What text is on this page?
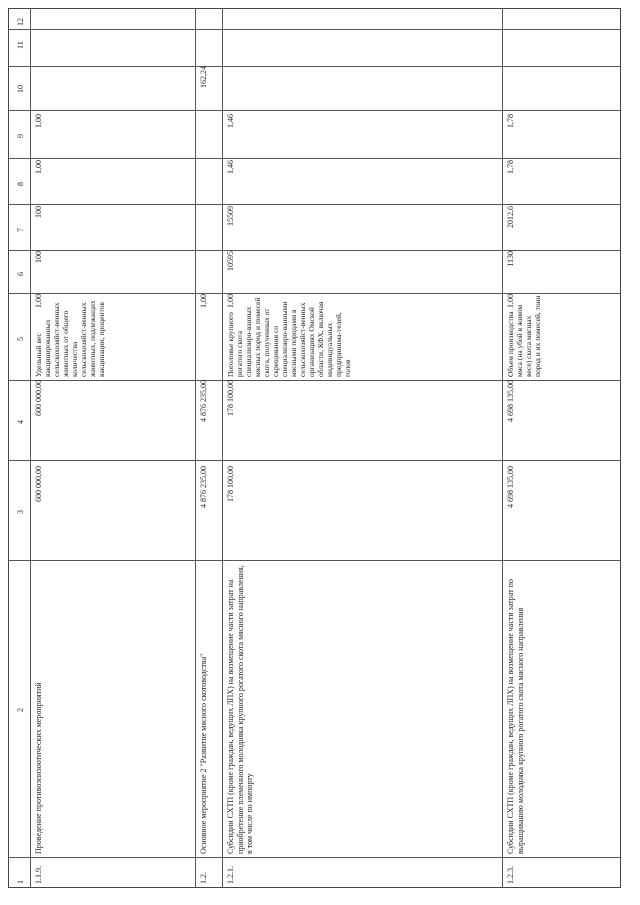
1
2
3
4
5
6
7
8
9
10
11
12
1.1.9.
Проведение противоэпизоотических мероприятий
600 000,00
600 000,00
1,00
Удельный вес вакцинированных сельскохозяйст-венных животных от общего количества сельскохозяйст-венных животных, подлежащих вакцинации, процентов
100
100
1,00
1,00
1.2.
Основное мероприятие 2 "Развитие мясного скотоводства"
4 876 235,00
4 876 235,00
1,00
162,24
1.2.1.
Субсидии СХТП (кроме граждан, ведущих ЛПХ) на возмещение части затрат на приобретение племенного молодняка крупного рогатого скота мясного направления, в том числе по импорту
178 100,00
178 100,00
1,00
Поголовье крупного рогатого скота специализиро-ванных мясных пород и помесей скота, полученных от скрещивания со специализиро-ванными мясными породами в сельскохозяйст-венных организациях Омской области, КФХ, включая индивидуальных предпринима-телей, голов
10595
15509
1,46
1,46
1.2.3.
Субсидии СХТП (кроме граждан, ведущих ЛПХ) на возмещение части затрат по выращиванию молодняка крупного рогатого скота мясного направления
4 698 135,00
4 698 135,00
1,00
Объем производства мяса (на убой в живом весе) скота мясных пород и их помесей, тонн
1130
2012,6
1,78
1,78
